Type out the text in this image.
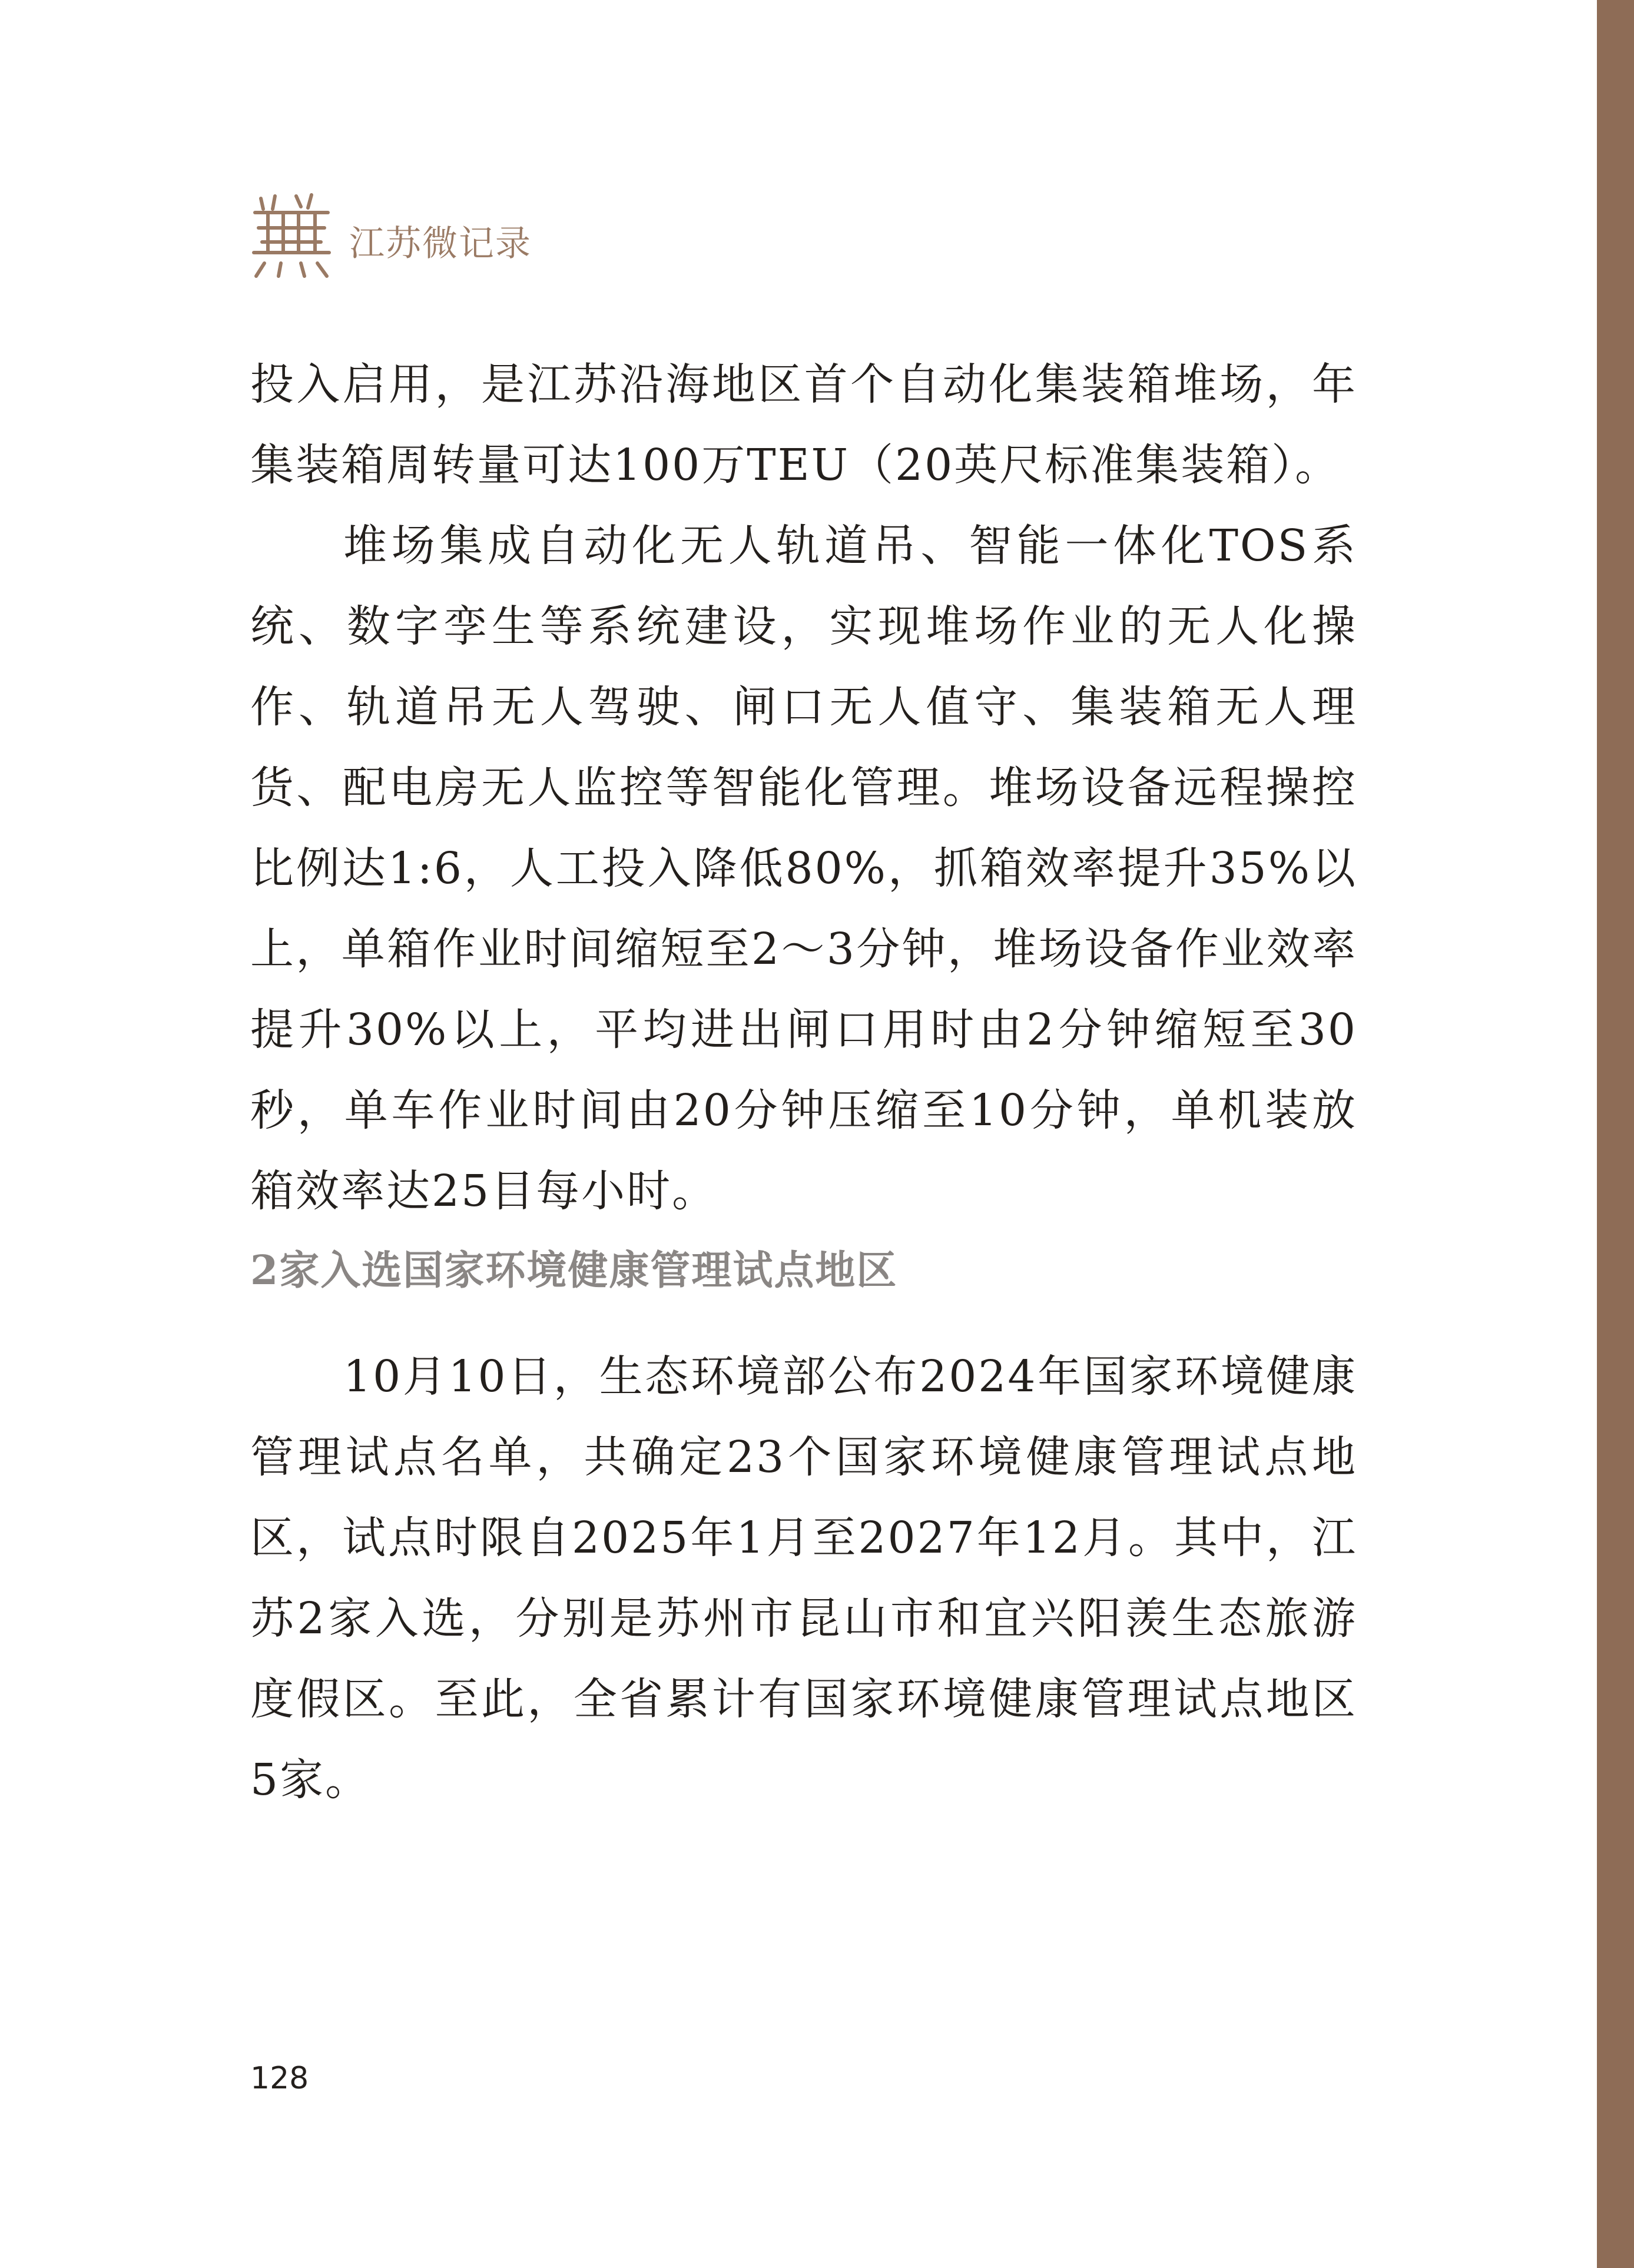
江苏微记录

投入启用，是江苏沿海地区首个自动化集装箱堆场，年集装箱周转量可达100万TEU（20英尺标准集装箱）。

堆场集成自动化无人轨道吊、智能一体化TOS系统、数字孪生等系统建设，实现堆场作业的无人化操作、轨道吊无人驾驶、闸口无人值守、集装箱无人理货、配电房无人监控等智能化管理。堆场设备远程操控比例达1:6，人工投入降低80%，抓箱效率提升35%以上，单箱作业时间缩短至2～3分钟，堆场设备作业效率提升30%以上，平均进出闸口用时由2分钟缩短至30秒，单车作业时间由20分钟压缩至10分钟，单机装放箱效率达25目每小时。

2家入选国家环境健康管理试点地区

10月10日，生态环境部公布2024年国家环境健康管理试点名单，共确定23个国家环境健康管理试点地区，试点时限自2025年1月至2027年12月。其中，江苏2家入选，分别是苏州市昆山市和宜兴阳羡生态旅游度假区。至此，全省累计有国家环境健康管理试点地区5家。

128
